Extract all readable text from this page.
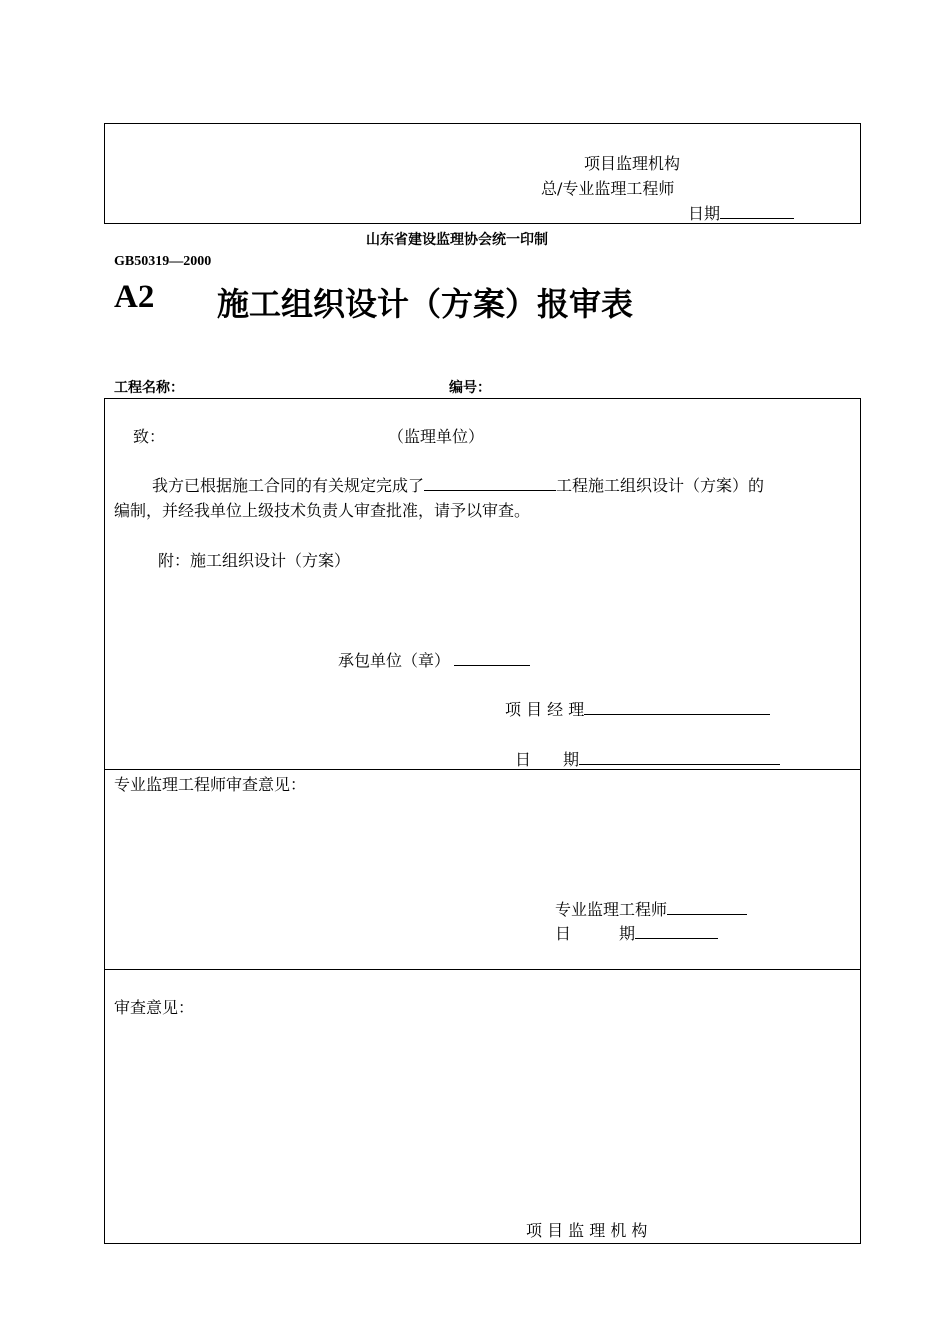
项目监理机构
总/专业监理工程师
日期
山东省建设监理协会统一印制
GB50319—2000
A2 施工组织设计（方案）报审表
工程名称：	编号：
致：	（监理单位）
我方已根据施工合同的有关规定完成了	工程施工组织设计（方案）的
编制，并经我单位上级技术负责人审查批准，请予以审查。
附：施工组织设计（方案）
承包单位（章）
项 目 经 理
日　　期
专业监理工程师审查意见：
专业监理工程师
日　　　期
审查意见：
项 目 监 理 机 构
